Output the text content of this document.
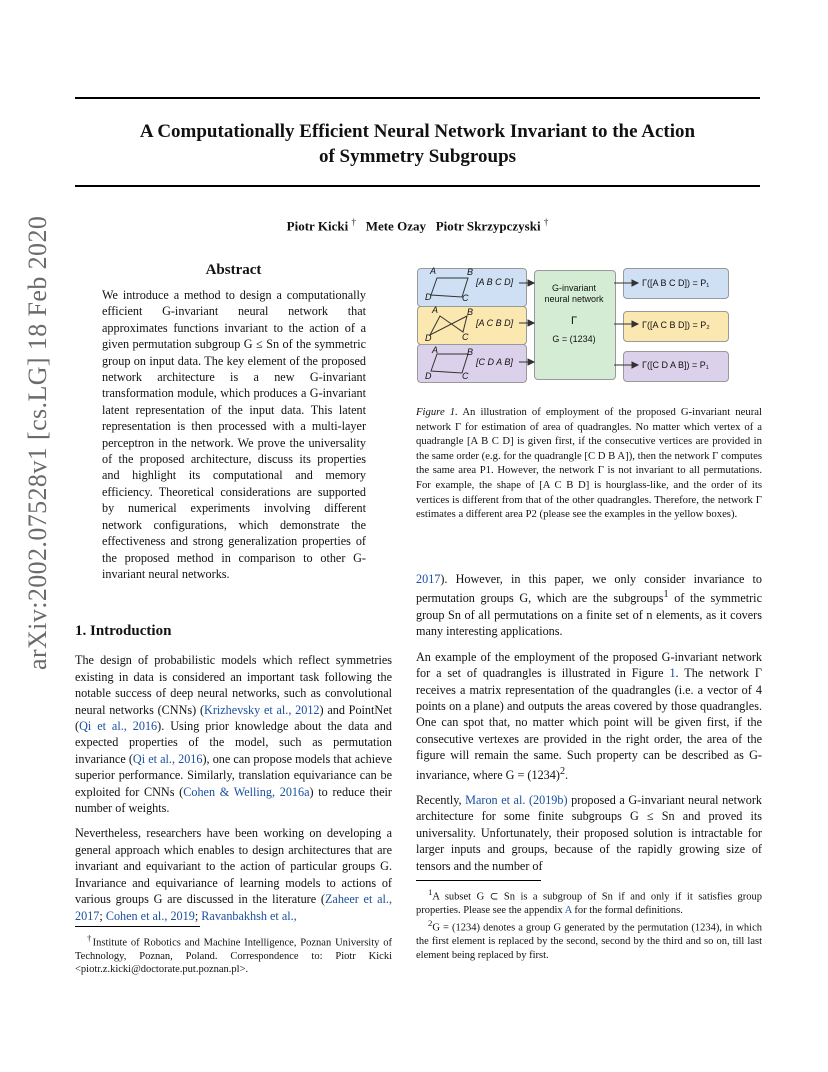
A Computationally Efficient Neural Network Invariant to the Action
of Symmetry Subgroups
Piotr Kicki † Mete Ozay Piotr Skrzypczyski †
arXiv:2002.07528v1 [cs.LG] 18 Feb 2020	Abstract
We introduce a method to design a computationally efficient G-invariant neural network that approximates functions invariant to the action of a given permutation subgroup G ≤ Sn of the symmetric group on input data. The key element of the proposed network architecture is a new G-invariant transformation module, which produces a G-invariant latent representation of the input data. This latent representation is then processed with a multi-layer perceptron in the network. We prove the universality of the proposed architecture, discuss its properties and highlight its computational and memory efficiency. Theoretical considerations are supported by numerical experiments involving different network configurations, which demonstrate the effectiveness and strong generalization properties of the proposed method in comparison to other G-invariant neural networks.
1. Introduction

The design of probabilistic models which reflect symmetries existing in data is considered an important task following the notable success of deep neural networks, such as convolutional neural networks (CNNs) (Krizhevsky et al., 2012) and PointNet (Qi et al., 2016). Using prior knowledge about the data and expected properties of the model, such as permutation invariance (Qi et al., 2016), one can propose models that achieve superior performance. Similarly, translation equivariance can be exploited for CNNs (Cohen & Welling, 2016a) to reduce their number of weights.

Nevertheless, researchers have been working on developing a general approach which enables to design architectures that are invariant and equivariant to the action of particular groups G. Invariance and equivariance of learning models to actions of various groups G are discussed in the literature (Zaheer et al., 2017; Cohen et al., 2019; Ravanbakhsh et al.,

†Institute of Robotics and Machine Intelligence, Poznan University of Technology, Poznan, Poland. Correspondence to: Piotr Kicki <piotr.z.kicki@doctorate.put.poznan.pl>.
A	B
C
D
A	B
C
D
A	B
C
D
[A B C D]
[A C B D]
[C D A B]
G-invariant
neural network
Γ
G = (1234)
Γ([A B C D]) = P₁
Γ([A C B D]) = P₂
Γ([C D A B]) = P₁
Figure 1. An illustration of employment of the proposed G-invariant neural network Γ for estimation of area of quadrangles. No matter which vertex of a quadrangle [A B C D] is given first, if the consecutive vertices are provided in the same order (e.g. for the quadrangle [C D B A]), then the network Γ computes the same area P1. However, the network Γ is not invariant to all permutations. For example, the shape of [A C B D] is hourglass-like, and the order of its vertices is different from that of the other quadrangles. Therefore, the network Γ estimates a different area P2 (please see the examples in the yellow boxes).

2017). However, in this paper, we only consider invariance to permutation groups G, which are the subgroups$^1$ of the symmetric group Sn of all permutations on a finite set of n elements, as it covers many interesting applications.

An example of the employment of the proposed G-invariant network for a set of quadrangles is illustrated in Figure 1. The network Γ receives a matrix representation of the quadrangles (i.e. a vector of 4 points on a plane) and outputs the areas covered by those quadrangles. One can spot that, no matter which point will be given first, if the consecutive vertexes are provided in the right order, the area of the figure will remain the same. Such property can be described as G-invariance, where $G = (1234)^2$.

Recently, Maron et al. (2019b) proposed a G-invariant neural network architecture for some finite subgroups G ≤ Sn and proved its universality. Unfortunately, their proposed solution is intractable for larger inputs and groups, because of the rapidly growing size of tensors and the number of

$^1$A subset G ⊂ Sn is a subgroup of Sn if and only if it satisfies group properties. Please see the appendix A for the formal definitions.

$^2$G = (1234) denotes a group G generated by the permutation (1234), in which the first element is replaced by the second, second by the third and so on, till last element being replaced by first.
